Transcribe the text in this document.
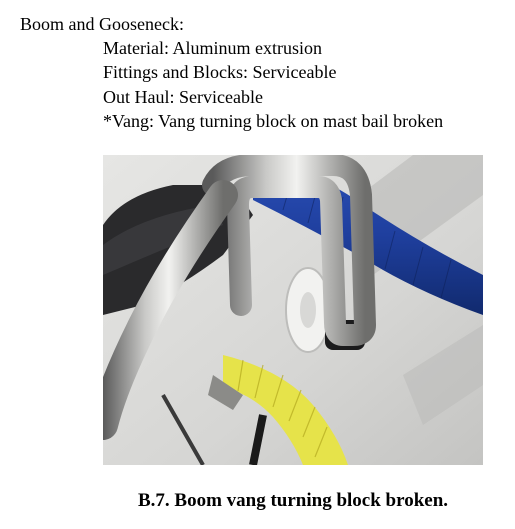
Boom and Gooseneck:
Material: Aluminum extrusion
Fittings and Blocks: Serviceable
Out Haul: Serviceable
*Vang: Vang turning block on mast bail broken
B.7. Boom vang turning block broken.
